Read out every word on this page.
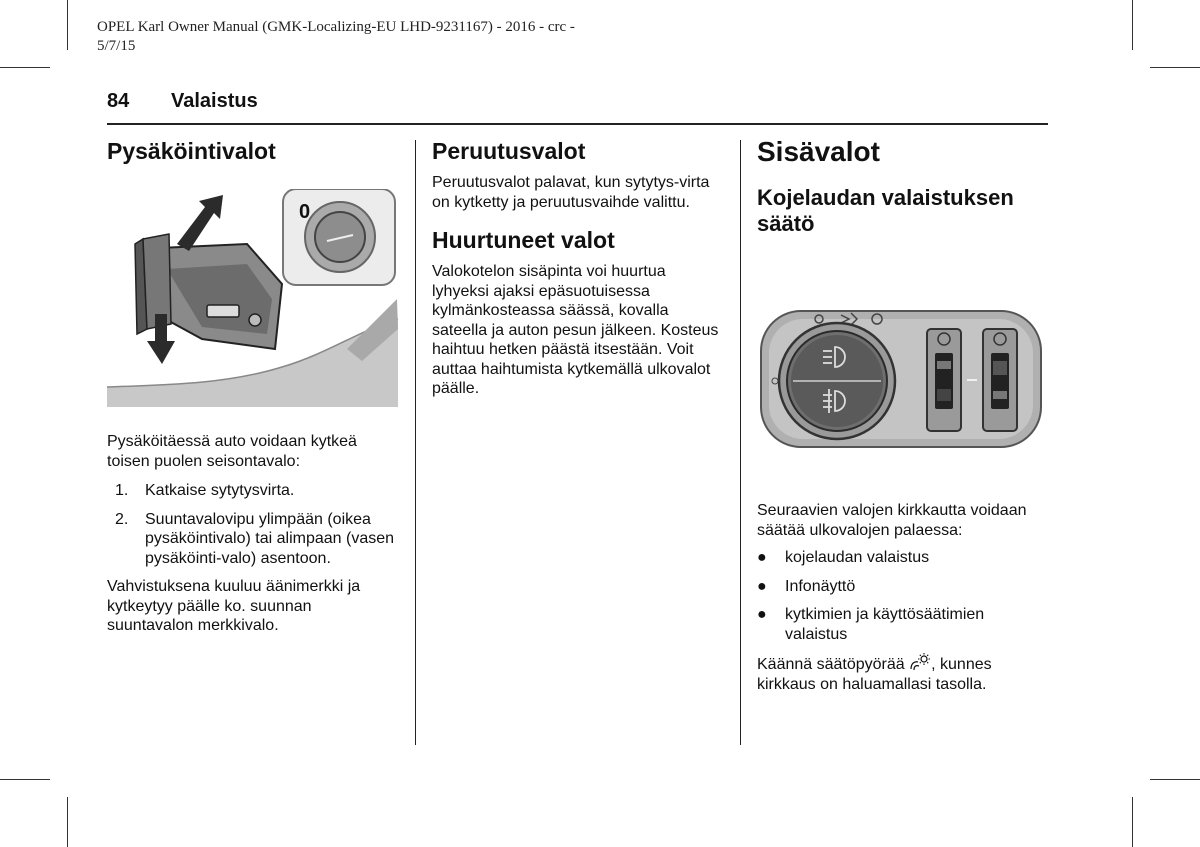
OPEL Karl Owner Manual (GMK-Localizing-EU LHD-9231167) - 2016 - crc -
5/7/15
84 Valaistus
Pysäköintivalot
0

Pysäköitäessä auto voidaan kytkeä toisen puolen seisontavalo:

1.	Katkaise sytytysvirta.
2.	Suuntavalovipu ylimpään (oikea pysäköintivalo) tai alimpaan (vasen pysäköinti-valo) asentoon.

Vahvistuksena kuuluu äänimerkki ja kytkeytyy päälle ko. suunnan suuntavalon merkkivalo.

Peruutusvalot

Peruutusvalot palavat, kun sytytys-virta on kytketty ja peruutusvaihde valittu.

Huurtuneet valot

Valokotelon sisäpinta voi huurtua lyhyeksi ajaksi epäsuotuisessa kylmänkosteassa säässä, kovalla sateella ja auton pesun jälkeen. Kosteus haihtuu hetken päästä itsestään. Voit auttaa haihtumista kytkemällä ulkovalot päälle.

Sisävalot
Kojelaudan valaistuksen säätö

Seuraavien valojen kirkkautta voidaan säätää ulkovalojen palaessa:

●	kojelaudan valaistus
●	Infonäyttö
●	kytkimien ja käyttösäätimien valaistus

Käännä säätöpyörää , kunnes kirkkaus on haluamallasi tasolla.
